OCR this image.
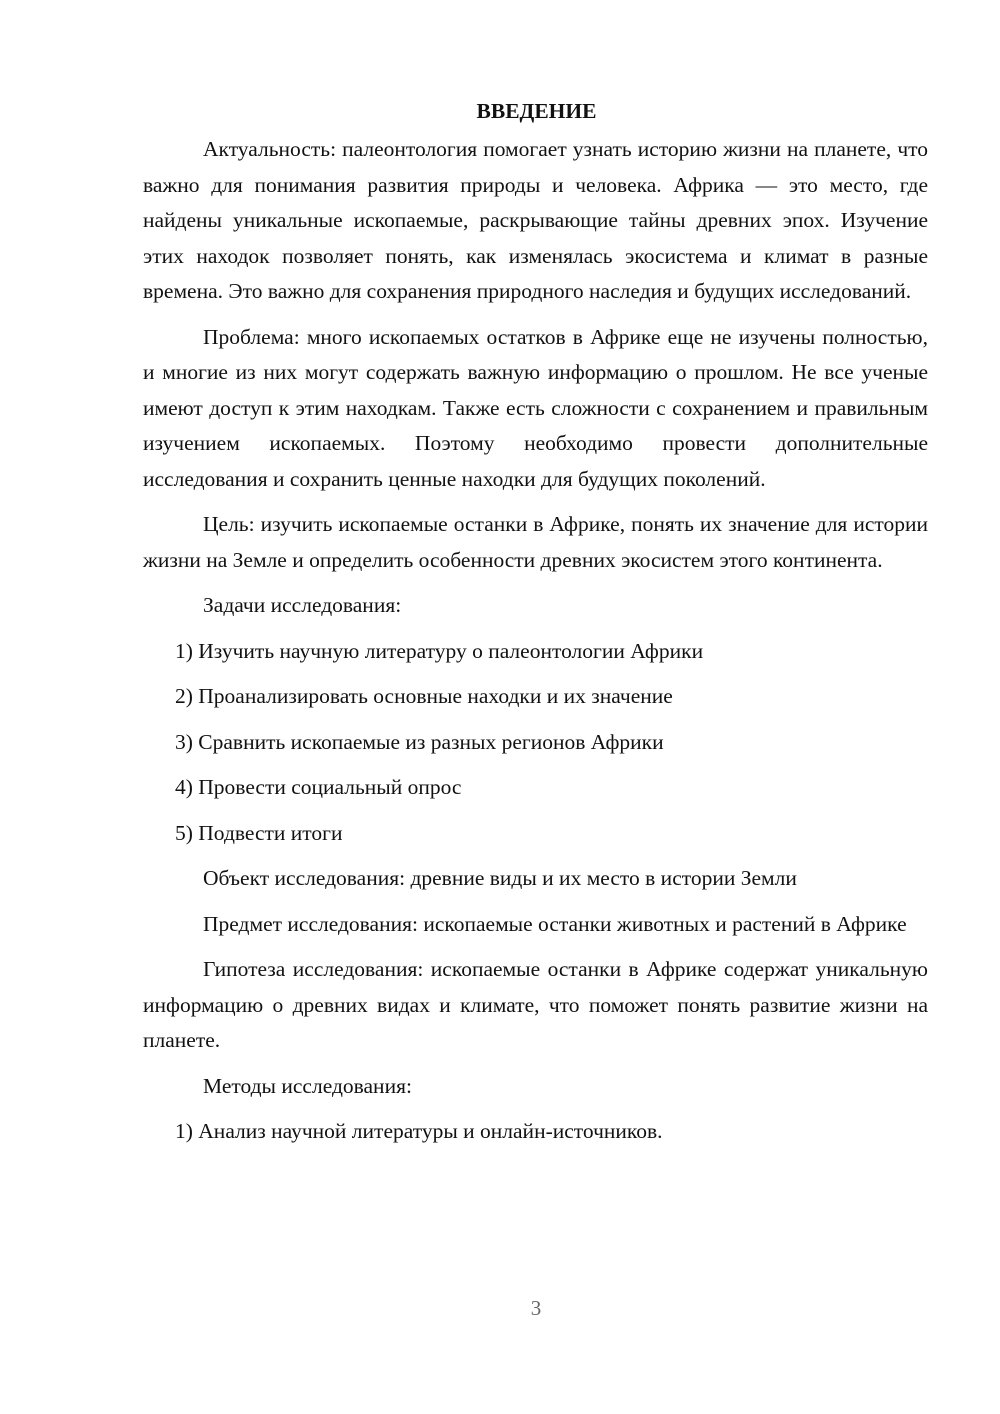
ВВЕДЕНИЕ

Актуальность: палеонтология помогает узнать историю жизни на планете, что важно для понимания развития природы и человека. Африка — это место, где найдены уникальные ископаемые, раскрывающие тайны древних эпох. Изучение этих находок позволяет понять, как изменялась экосистема и климат в разные времена. Это важно для сохранения природного наследия и будущих исследований.

Проблема: много ископаемых остатков в Африке еще не изучены полностью, и многие из них могут содержать важную информацию о прошлом. Не все ученые имеют доступ к этим находкам. Также есть сложности с сохранением и правильным изучением ископаемых. Поэтому необходимо провести дополнительные исследования и сохранить ценные находки для будущих поколений.

Цель: изучить ископаемые останки в Африке, понять их значение для истории жизни на Земле и определить особенности древних экосистем этого континента.

Задачи исследования:

1) Изучить научную литературу о палеонтологии Африки

2) Проанализировать основные находки и их значение

3) Сравнить ископаемые из разных регионов Африки

4) Провести социальный опрос

5) Подвести итоги

Объект исследования: древние виды и их место в истории Земли

Предмет исследования: ископаемые останки животных и растений в Африке

Гипотеза исследования: ископаемые останки в Африке содержат уникальную информацию о древних видах и климате, что поможет понять развитие жизни на планете.

Методы исследования:

1) Анализ научной литературы и онлайн-источников.

3
